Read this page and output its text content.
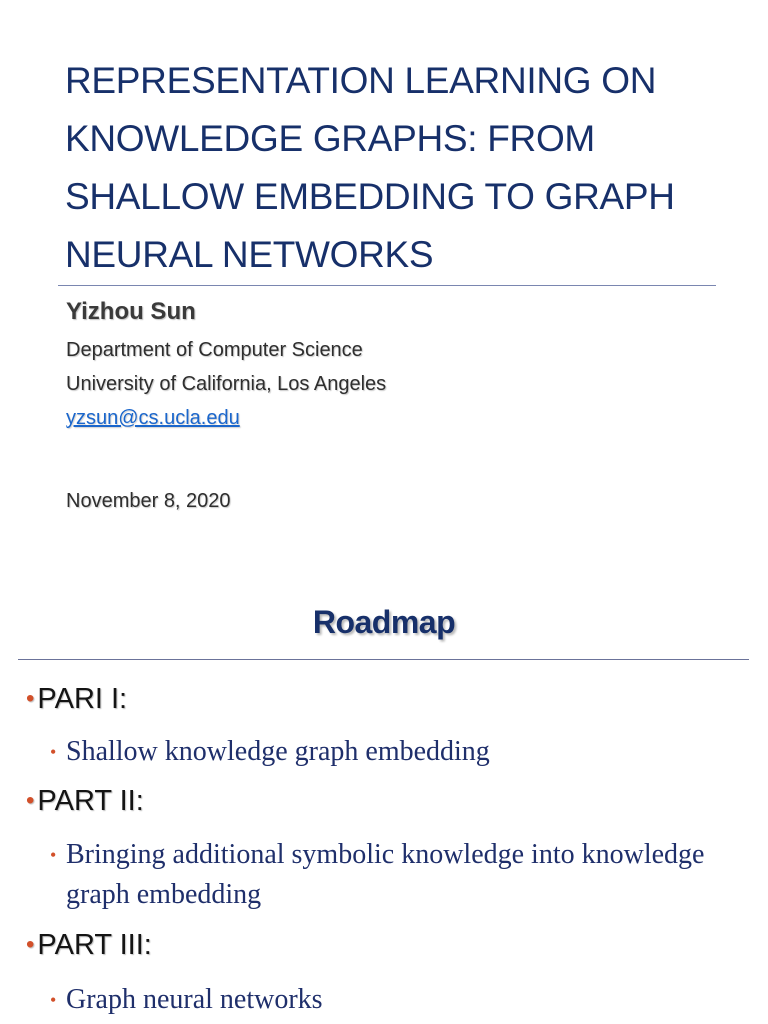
REPRESENTATION LEARNING ON
KNOWLEDGE GRAPHS: FROM
SHALLOW EMBEDDING TO GRAPH
NEURAL NETWORKS

Yizhou Sun

Department of Computer Science

University of California, Los Angeles

yzsun@cs.ucla.edu

November 8, 2020

Roadmap

• PARI I:

• Shallow knowledge graph embedding

• PART II:

• Bringing additional symbolic knowledge into knowledge graph embedding

• PART III:

• Graph neural networks
